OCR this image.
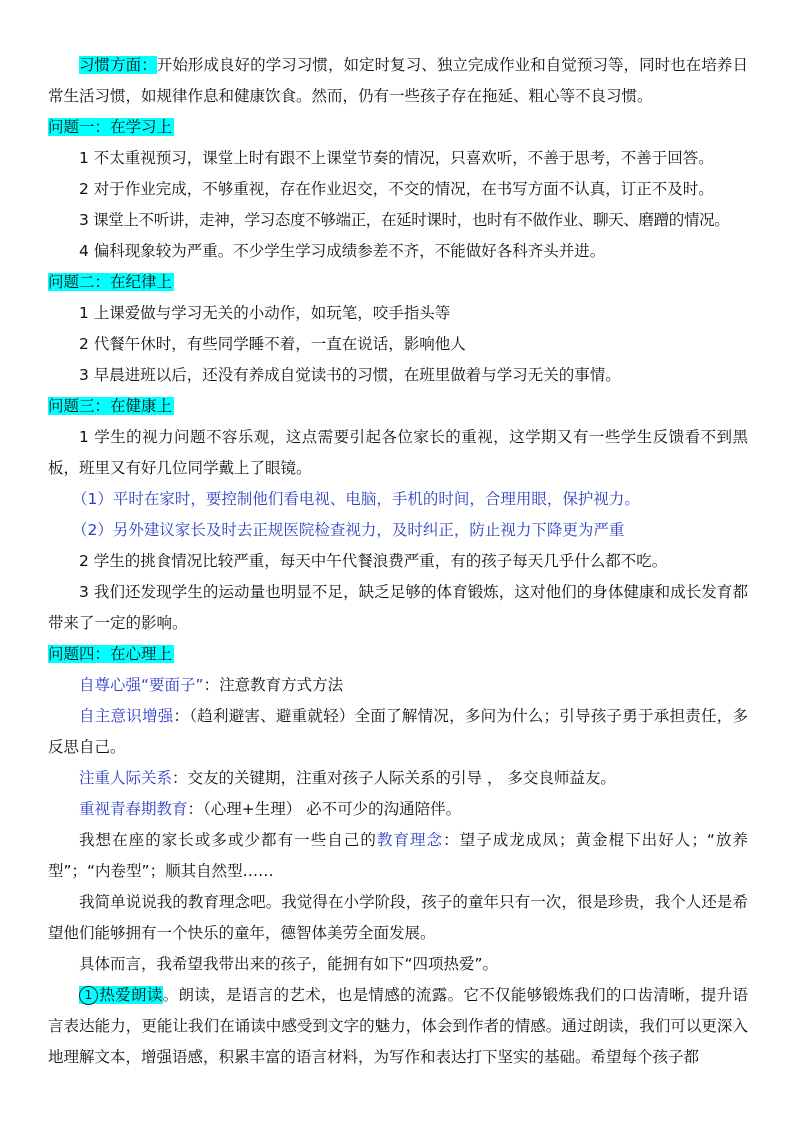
习惯方面：开始形成良好的学习习惯，如定时复习、独立完成作业和自觉预习等，同时也在培养日常生活习惯，如规律作息和健康饮食。然而，仍有一些孩子存在拖延、粗心等不良习惯。

问题一：在学习上

1 不太重视预习，课堂上时有跟不上课堂节奏的情况，只喜欢听，不善于思考，不善于回答。

2 对于作业完成，不够重视，存在作业迟交，不交的情况，在书写方面不认真，订正不及时。

3 课堂上不听讲，走神，学习态度不够端正，在延时课时，也时有不做作业、聊天、磨蹭的情况。

4 偏科现象较为严重。不少学生学习成绩参差不齐，不能做好各科齐头并进。

问题二：在纪律上

1 上课爱做与学习无关的小动作，如玩笔，咬手指头等

2 代餐午休时，有些同学睡不着，一直在说话，影响他人

3 早晨进班以后，还没有养成自觉读书的习惯，在班里做着与学习无关的事情。

问题三：在健康上

1 学生的视力问题不容乐观，这点需要引起各位家长的重视，这学期又有一些学生反馈看不到黑板，班里又有好几位同学戴上了眼镜。

（1）平时在家时，要控制他们看电视、电脑，手机的时间，合理用眼，保护视力。

（2）另外建议家长及时去正规医院检查视力，及时纠正，防止视力下降更为严重

2 学生的挑食情况比较严重，每天中午代餐浪费严重，有的孩子每天几乎什么都不吃。

3 我们还发现学生的运动量也明显不足，缺乏足够的体育锻炼，这对他们的身体健康和成长发育都带来了一定的影响。

问题四：在心理上

自尊心强“要面子”：注意教育方式方法

自主意识增强：（趋利避害、避重就轻）全面了解情况，多问为什么；引导孩子勇于承担责任，多反思自己。

注重人际关系：交友的关键期，注重对孩子人际关系的引导 ， 多交良师益友。

重视青春期教育：（心理+生理） 必不可少的沟通陪伴。

我想在座的家长或多或少都有一些自己的教育理念：望子成龙成凤；黄金棍下出好人；“放养型”；“内卷型”；顺其自然型……

我简单说说我的教育理念吧。我觉得在小学阶段，孩子的童年只有一次，很是珍贵，我个人还是希望他们能够拥有一个快乐的童年，德智体美劳全面发展。

具体而言，我希望我带出来的孩子，能拥有如下“四项热爱”。

1 热爱朗读。朗读，是语言的艺术，也是情感的流露。它不仅能够锻炼我们的口齿清晰，提升语言表达能力，更能让我们在诵读中感受到文字的魅力，体会到作者的情感。通过朗读，我们可以更深入地理解文本，增强语感，积累丰富的语言材料，为写作和表达打下坚实的基础。希望每个孩子都
